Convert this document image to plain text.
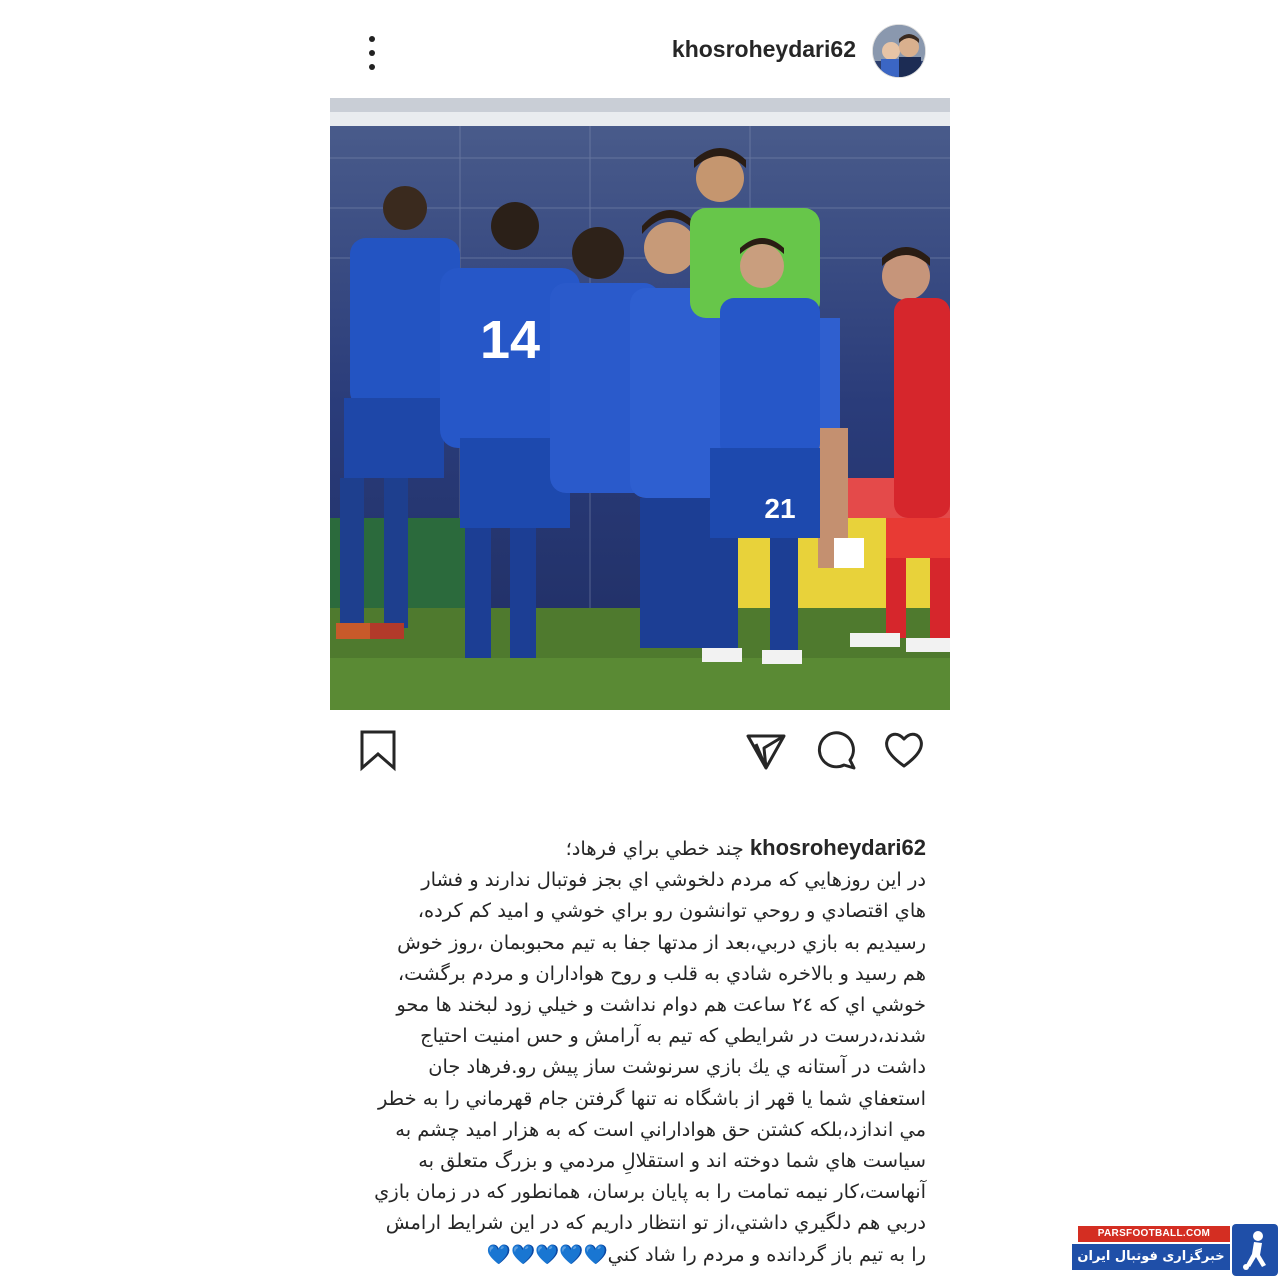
khosroheydari62
14
21
khosroheydari62 چند خطي براي فرهاد؛
در اين روزهايي كه مردم دلخوشي اي بجز فوتبال ندارند و فشار
هاي اقتصادي و روحي توانشون رو براي خوشي و اميد كم كرده،
رسيديم به بازي دربي،بعد از مدتها جفا به تيم محبوبمان ،روز خوش
هم رسيد و بالاخره شادي به قلب و روح هواداران و مردم برگشت،
خوشي اي كه ٢٤ ساعت هم دوام نداشت و خيلي زود لبخند ها محو
شدند،درست در شرايطي كه تيم به آرامش و حس امنيت احتياج
داشت در آستانه ي يك بازي سرنوشت ساز پيش رو.فرهاد جان
استعفاي شما يا قهر از باشگاه نه تنها گرفتن جام قهرماني را به خطر
مي اندازد،بلكه كشتن حق هواداراني است كه به هزار اميد چشم به
سياست هاي شما دوخته اند و استقلالِ مردمي و بزرگ متعلق به
آنهاست،كار نيمه تمامت را به پايان برسان، همانطور كه در زمان بازي
دربي هم دلگيري داشتي،از تو انتظار داريم كه در اين شرايط ارامش
را به تيم باز گردانده و مردم را شاد كني💙💙💙💙💙
PARSFOOTBALL.COM
خبرگزاری فوتبال ایران
